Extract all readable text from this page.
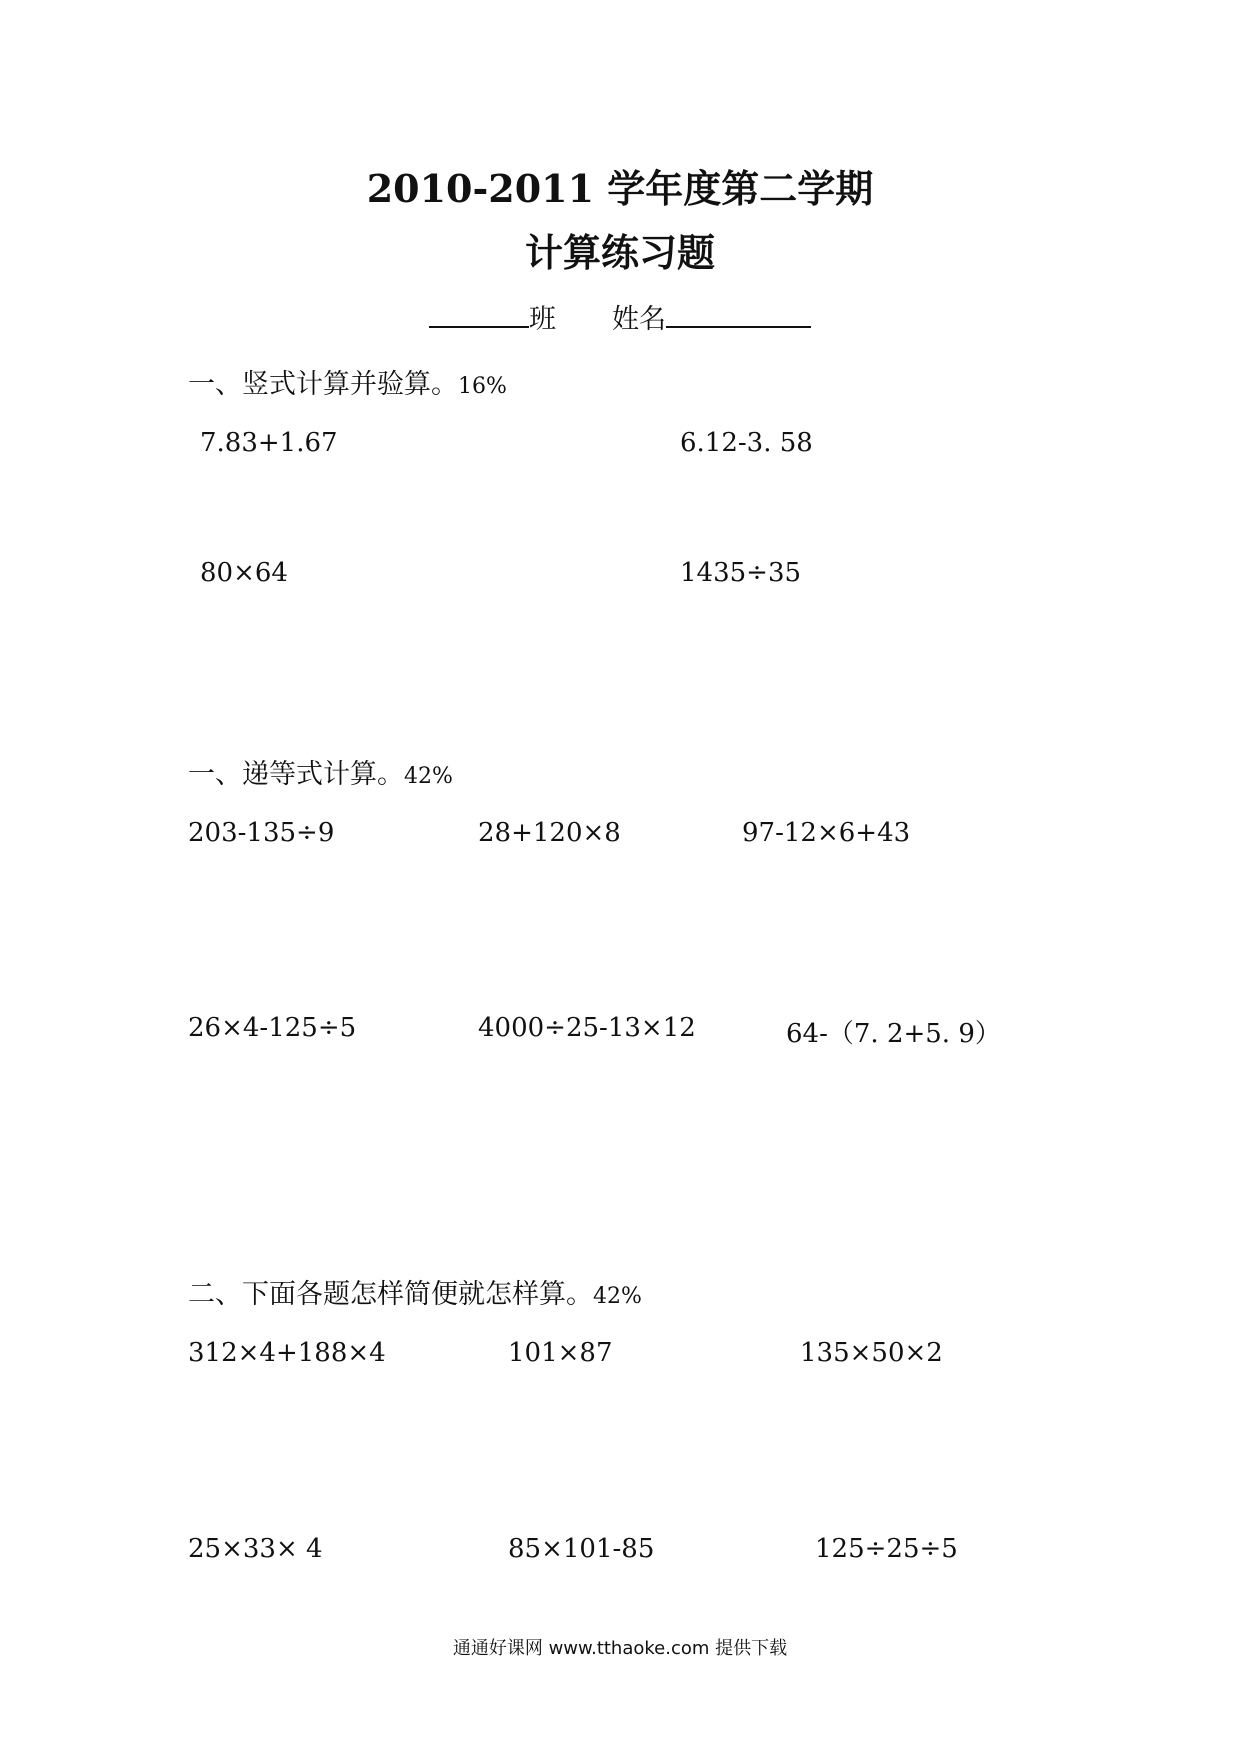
2010-2011 学年度第二学期
计算练习题
班 姓名
一、竖式计算并验算。16%
7.83+1.67	6.12-3. 58
80×64	1435÷35
一、递等式计算。42%
203-135÷9	28+120×8	97-12×6+43
26×4-125÷5	4000÷25-13×12	64-（7. 2+5. 9）
二、下面各题怎样简便就怎样算。42%
312×4+188×4	101×87	135×50×2
25×33× 4	85×101-85	125÷25÷5
通通好课网 www.tthaoke.com 提供下载
